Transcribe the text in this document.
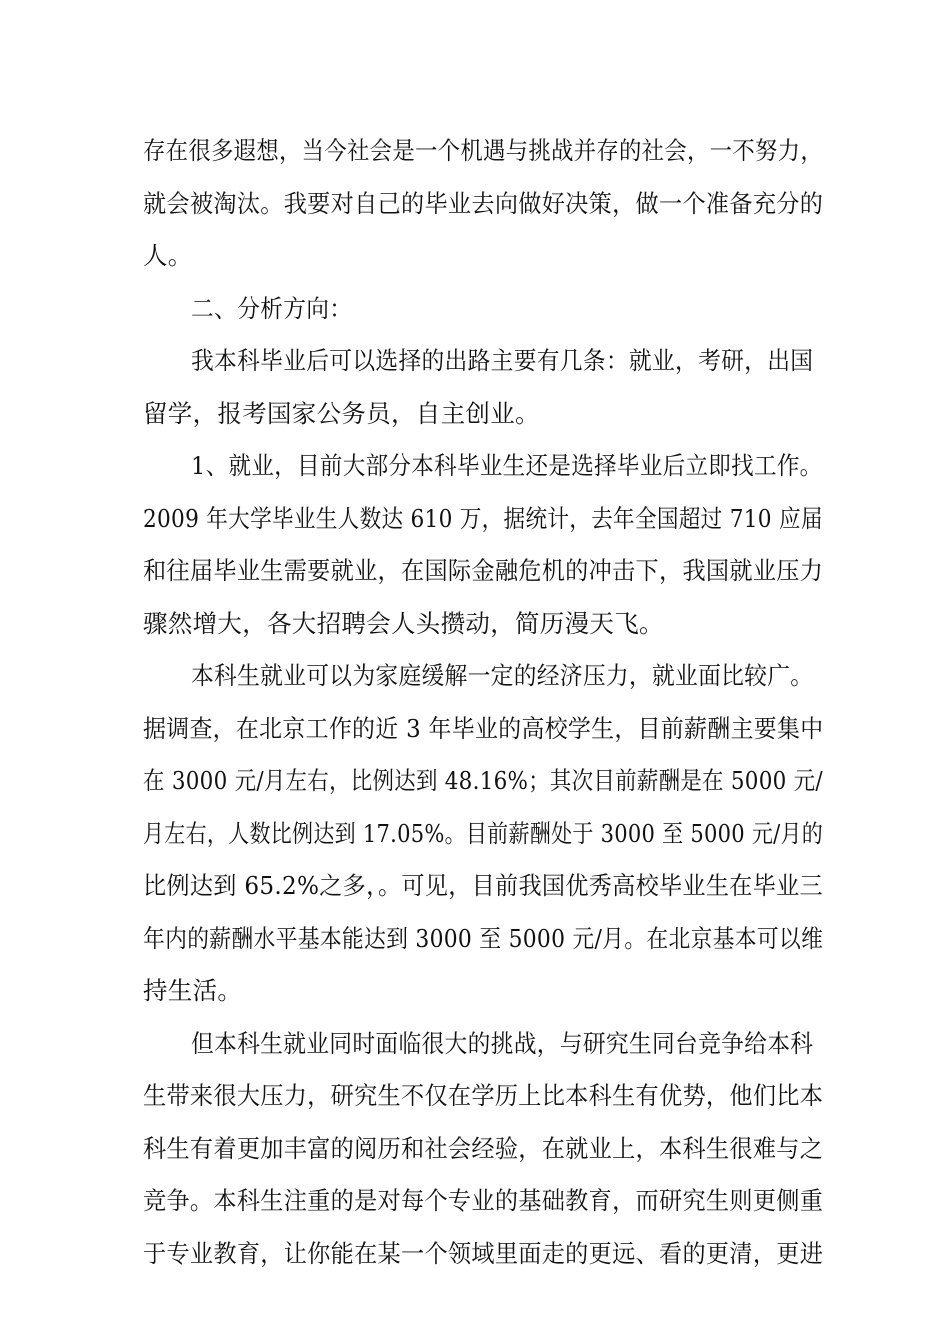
存在很多遐想，当今社会是一个机遇与挑战并存的社会，一不努力，
就会被淘汰。我要对自己的毕业去向做好决策，做一个准备充分的
人。
二、分析方向：
我本科毕业后可以选择的出路主要有几条：就业，考研，出国
留学，报考国家公务员，自主创业。
1、就业，目前大部分本科毕业生还是选择毕业后立即找工作。
2009 年大学毕业生人数达 610 万，据统计，去年全国超过 710 应届
和往届毕业生需要就业，在国际金融危机的冲击下，我国就业压力
骤然增大，各大招聘会人头攒动，简历漫天飞。
本科生就业可以为家庭缓解一定的经济压力，就业面比较广。
据调查，在北京工作的近 3 年毕业的高校学生，目前薪酬主要集中
在 3000 元/月左右，比例达到 48.16%；其次目前薪酬是在 5000 元/
月左右，人数比例达到 17.05%。目前薪酬处于 3000 至 5000 元/月的
比例达到 65.2%之多，。可见，目前我国优秀高校毕业生在毕业三
年内的薪酬水平基本能达到 3000 至 5000 元/月。在北京基本可以维
持生活。
但本科生就业同时面临很大的挑战，与研究生同台竞争给本科
生带来很大压力，研究生不仅在学历上比本科生有优势，他们比本
科生有着更加丰富的阅历和社会经验，在就业上，本科生很难与之
竞争。本科生注重的是对每个专业的基础教育，而研究生则更侧重
于专业教育，让你能在某一个领域里面走的更远、看的更清，更进
